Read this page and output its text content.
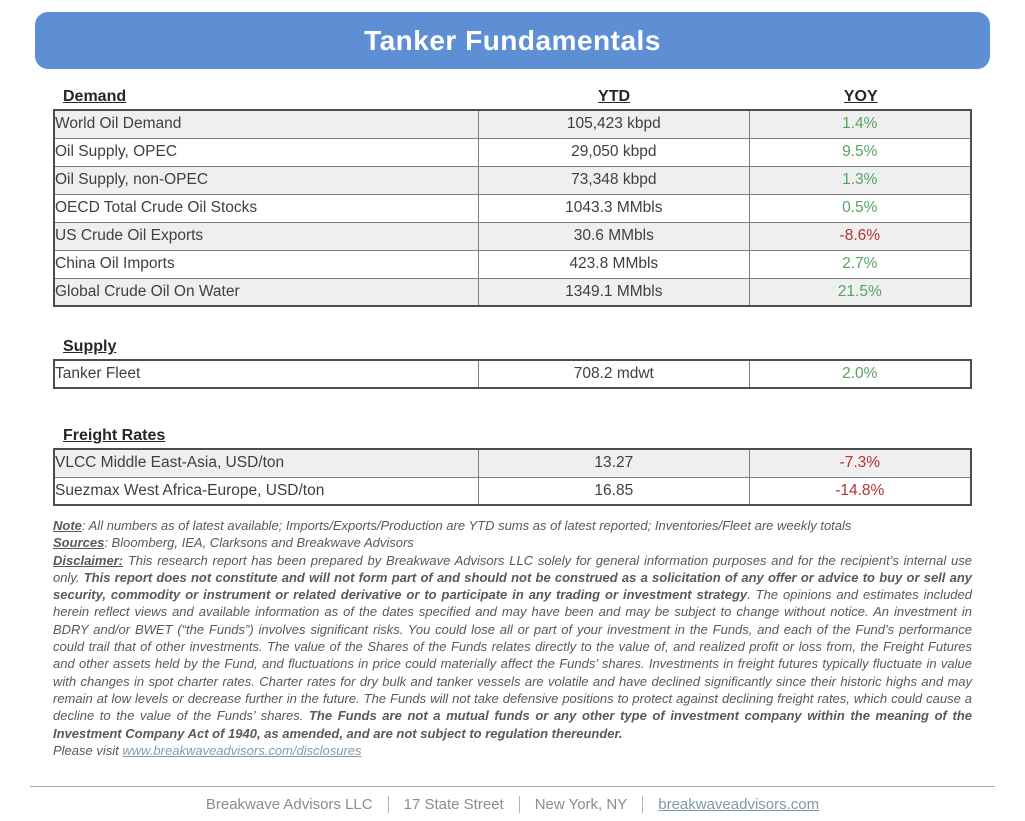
Tanker Fundamentals
Demand	YTD	YOY
World Oil Demand	105,423 kbpd	1.4%
Oil Supply, OPEC	29,050 kbpd	9.5%
Oil Supply, non-OPEC	73,348 kbpd	1.3%
OECD Total Crude Oil Stocks	1043.3 MMbls	0.5%
US Crude Oil Exports	30.6 MMbls	-8.6%
China Oil Imports	423.8 MMbls	2.7%
Global Crude Oil On Water	1349.1 MMbls	21.5%
Supply
Tanker Fleet	708.2 mdwt	2.0%
Freight Rates
VLCC Middle East-Asia, USD/ton	13.27	-7.3%
Suezmax West Africa-Europe, USD/ton	16.85	-14.8%

Note: All numbers as of latest available; Imports/Exports/Production are YTD sums as of latest reported; Inventories/Fleet are weekly totals

Sources: Bloomberg, IEA, Clarksons and Breakwave Advisors

Disclaimer: This research report has been prepared by Breakwave Advisors LLC solely for general information purposes and for the recipient’s internal use only. This report does not constitute and will not form part of and should not be construed as a solicitation of any offer or advice to buy or sell any security, commodity or instrument or related derivative or to participate in any trading or investment strategy. The opinions and estimates included herein reflect views and available information as of the dates specified and may have been and may be subject to change without notice. An investment in BDRY and/or BWET (“the Funds”) involves significant risks. You could lose all or part of your investment in the Funds, and each of the Fund’s performance could trail that of other investments. The value of the Shares of the Funds relates directly to the value of, and realized profit or loss from, the Freight Futures and other assets held by the Fund, and fluctuations in price could materially affect the Funds’ shares. Investments in freight futures typically fluctuate in value with changes in spot charter rates. Charter rates for dry bulk and tanker vessels are volatile and have declined significantly since their historic highs and may remain at low levels or decrease further in the future. The Funds will not take defensive positions to protect against declining freight rates, which could cause a decline to the value of the Funds’ shares. The Funds are not a mutual funds or any other type of investment company within the meaning of the Investment Company Act of 1940, as amended, and are not subject to regulation thereunder.

Please visit www.breakwaveadvisors.com/disclosures

Breakwave Advisors LLC 17 State Street New York, NY breakwaveadvisors.com
